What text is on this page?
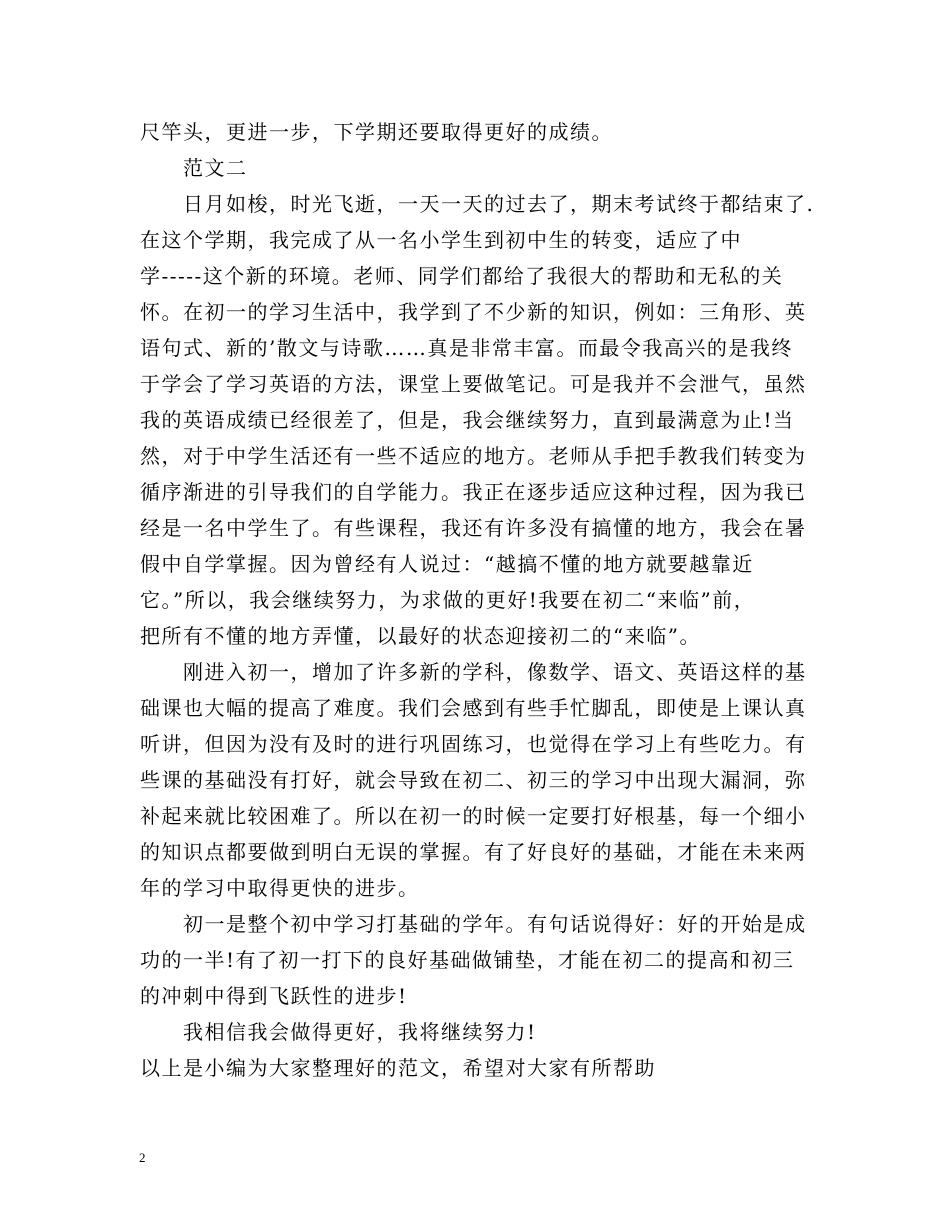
尺竿头，更进一步，下学期还要取得更好的成绩。
　　范文二
　　日月如梭，时光飞逝，一天一天的过去了，期末考试终于都结束了.
在这个学期，我完成了从一名小学生到初中生的转变，适应了中
学-----这个新的环境。老师、同学们都给了我很大的帮助和无私的关
怀。在初一的学习生活中，我学到了不少新的知识，例如：三角形、英
语句式、新的’散文与诗歌……真是非常丰富。而最令我高兴的是我终
于学会了学习英语的方法，课堂上要做笔记。可是我并不会泄气，虽然
我的英语成绩已经很差了，但是，我会继续努力，直到最满意为止!当
然，对于中学生活还有一些不适应的地方。老师从手把手教我们转变为
循序渐进的引导我们的自学能力。我正在逐步适应这种过程，因为我已
经是一名中学生了。有些课程，我还有许多没有搞懂的地方，我会在暑
假中自学掌握。因为曾经有人说过：“越搞不懂的地方就要越靠近
它。”所以，我会继续努力，为求做的更好!我要在初二“来临”前，
把所有不懂的地方弄懂，以最好的状态迎接初二的“来临”。
　　刚进入初一，增加了许多新的学科，像数学、语文、英语这样的基
础课也大幅的提高了难度。我们会感到有些手忙脚乱，即使是上课认真
听讲，但因为没有及时的进行巩固练习，也觉得在学习上有些吃力。有
些课的基础没有打好，就会导致在初二、初三的学习中出现大漏洞，弥
补起来就比较困难了。所以在初一的时候一定要打好根基，每一个细小
的知识点都要做到明白无误的掌握。有了好良好的基础，才能在未来两
年的学习中取得更快的进步。
　　初一是整个初中学习打基础的学年。有句话说得好：好的开始是成
功的一半!有了初一打下的良好基础做铺垫，才能在初二的提高和初三
的冲刺中得到飞跃性的进步!
　　我相信我会做得更好，我将继续努力!
以上是小编为大家整理好的范文，希望对大家有所帮助
2
